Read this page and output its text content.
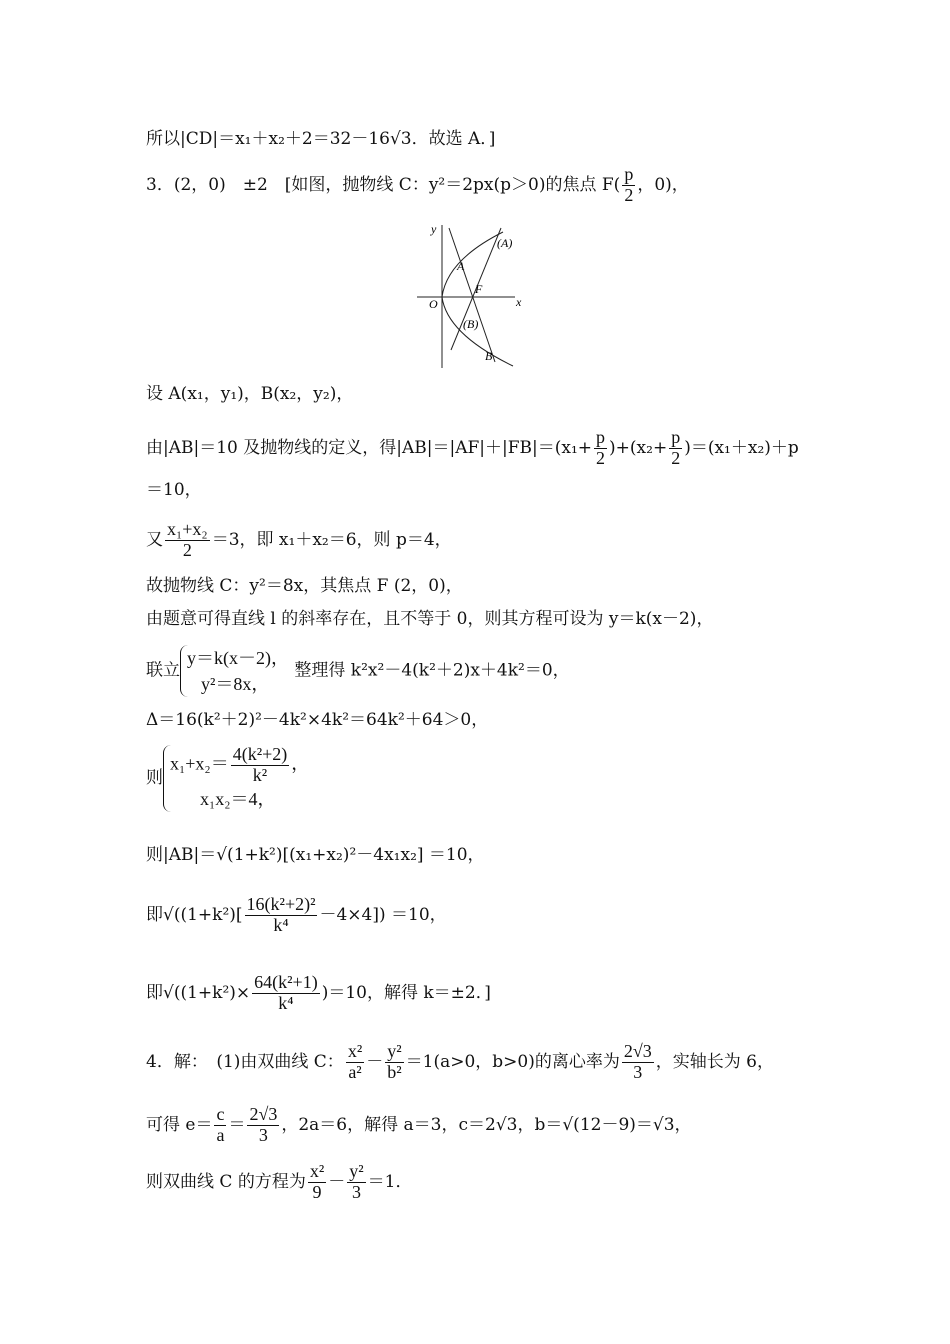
所以|CD|＝x₁＋x₂＋2＝32－16√3．故选 A．]
3．(2，0)　±2　[如图，抛物线 C：y²＝2px(p＞0)的焦点 $F( \frac{p}{2}$ ，0)，
y
x
O
A
F
B
(A)
(B)
设 A(x₁，y₁)，B(x₂，y₂)，
由|AB|＝10 及抛物线的定义，得$|AB|=|AF|+|FB|=(x_1+ \frac{p}{2} )+(x_2+ \frac{p}{2} )=(x_1+x_2)+p$
＝10，
又 $\frac{\text{x₁+x₂}}{2} =3$，即 x₁＋x₂＝6，则 p＝4，
故抛物线 C：y²＝8x，其焦点 F (2，0)，
由题意可得直线 l 的斜率存在，且不等于 0，则其方程可设为 y＝k(x－2)，
联立
y＝k(x－2)，
y²＝8x，
整理得 k²x²－4(k²＋2)x＋4k²＝0，
Δ＝16(k²＋2)²－4k²×4k²＝64k²＋64＞0，
则
$x_1+x_2= \frac{\text{4(k²+2)}}{\text{k²}}$ ，
x₁x₂＝4，
则|AB|＝√(1+k²)[(x₁+x₂)²－4x₁x₂] ＝10，
即$√((1+k^2)[ \frac{\text{16(k²+2)²}}{\text{k⁴}} -4\times 4]) =10$，
即$√((1+k^2)\times \frac{\text{64(k²+1)}}{\text{k⁴}} )=10$，解得 k＝±2．]
4．解：　(1)由双曲线 C： $\frac{\text{x²}}{\text{a²}} - \frac{\text{y²}}{\text{b²}} =1(a>0$，b>0)的离心率为 $\frac{2√3}{3}$ ，实轴长为 6，
可得 $e= \frac{c}{a} = \frac{2√3}{3}$ ，2a＝6，解得 a＝3，c＝2√3，b＝√(12－9)＝√3，
则双曲线 C 的方程为 $\frac{\text{x²}}{9} - \frac{\text{y²}}{3} =1$．
